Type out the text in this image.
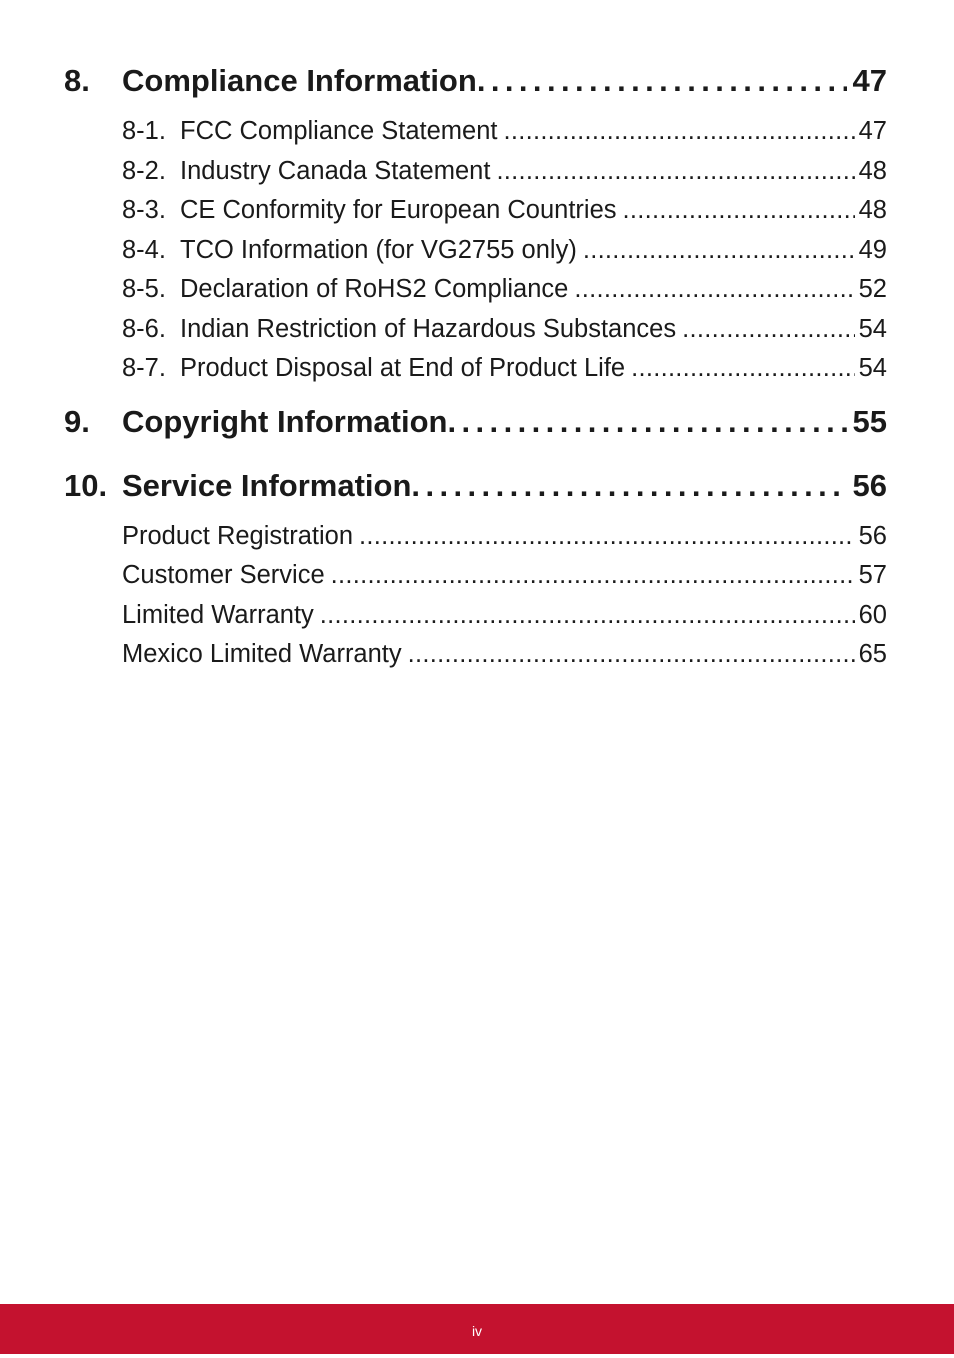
8.	Compliance Information . . .	47
8-1. FCC Compliance Statement . . .	47
8-2. Industry Canada Statement . . .	48
8-3. CE Conformity for European Countries . . .	48
8-4. TCO Information (for VG2755 only) . . .	49
8-5. Declaration of RoHS2 Compliance . . .	52
8-6. Indian Restriction of Hazardous Substances . . .	54
8-7. Product Disposal at End of Product Life . . .	54
9.	Copyright Information . . .	55
10. Service Information . . .	56
Product Registration . . .	56
Customer Service . . .	57
Limited Warranty . . .	60
Mexico Limited Warranty . . .	65
iv
